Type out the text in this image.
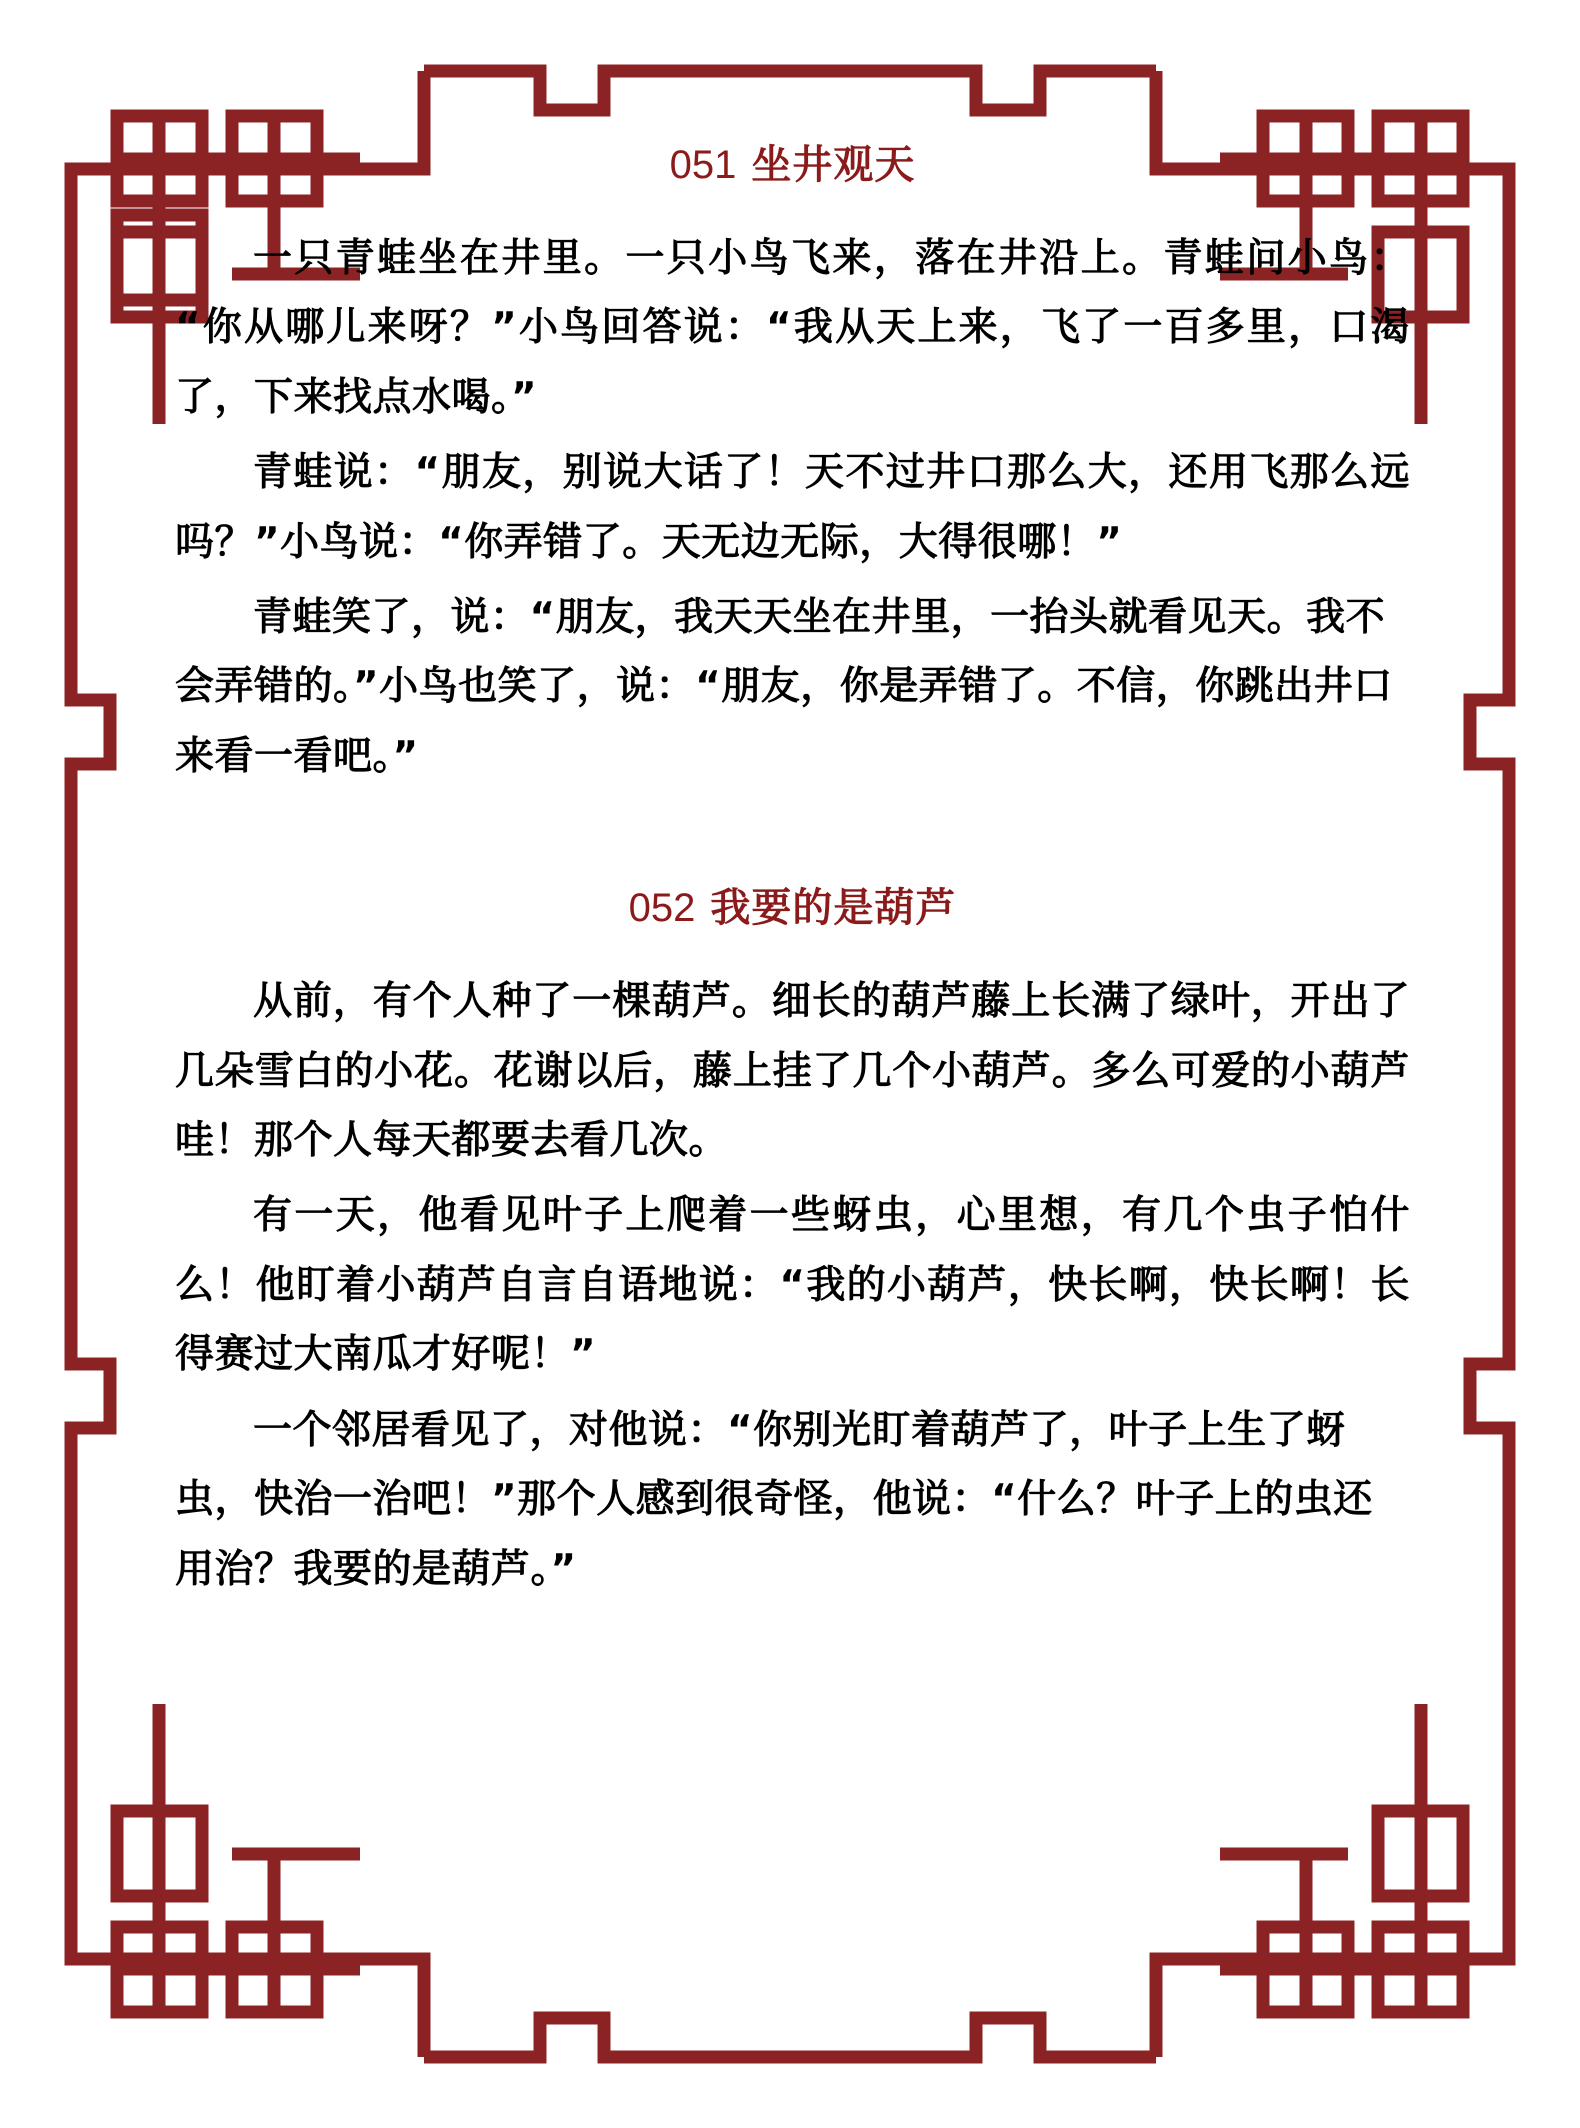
051 坐井观天

一只青蛙坐在井里。一只小鸟飞来，落在井沿上。青蛙问小鸟：“你从哪儿来呀？”小鸟回答说：“我从天上来，飞了一百多里，口渴了，下来找点水喝。”

青蛙说：“朋友，别说大话了！天不过井口那么大，还用飞那么远吗？”小鸟说：“你弄错了。天无边无际，大得很哪！”

青蛙笑了，说：“朋友，我天天坐在井里，一抬头就看见天。我不会弄错的。”小鸟也笑了，说：“朋友，你是弄错了。不信，你跳出井口来看一看吧。”

052 我要的是葫芦

从前，有个人种了一棵葫芦。细长的葫芦藤上长满了绿叶，开出了几朵雪白的小花。花谢以后，藤上挂了几个小葫芦。多么可爱的小葫芦哇！那个人每天都要去看几次。

有一天，他看见叶子上爬着一些蚜虫，心里想，有几个虫子怕什么！他盯着小葫芦自言自语地说：“我的小葫芦，快长啊，快长啊！长得赛过大南瓜才好呢！”

一个邻居看见了，对他说：“你别光盯着葫芦了，叶子上生了蚜虫，快治一治吧！”那个人感到很奇怪，他说：“什么？叶子上的虫还用治？我要的是葫芦。”
